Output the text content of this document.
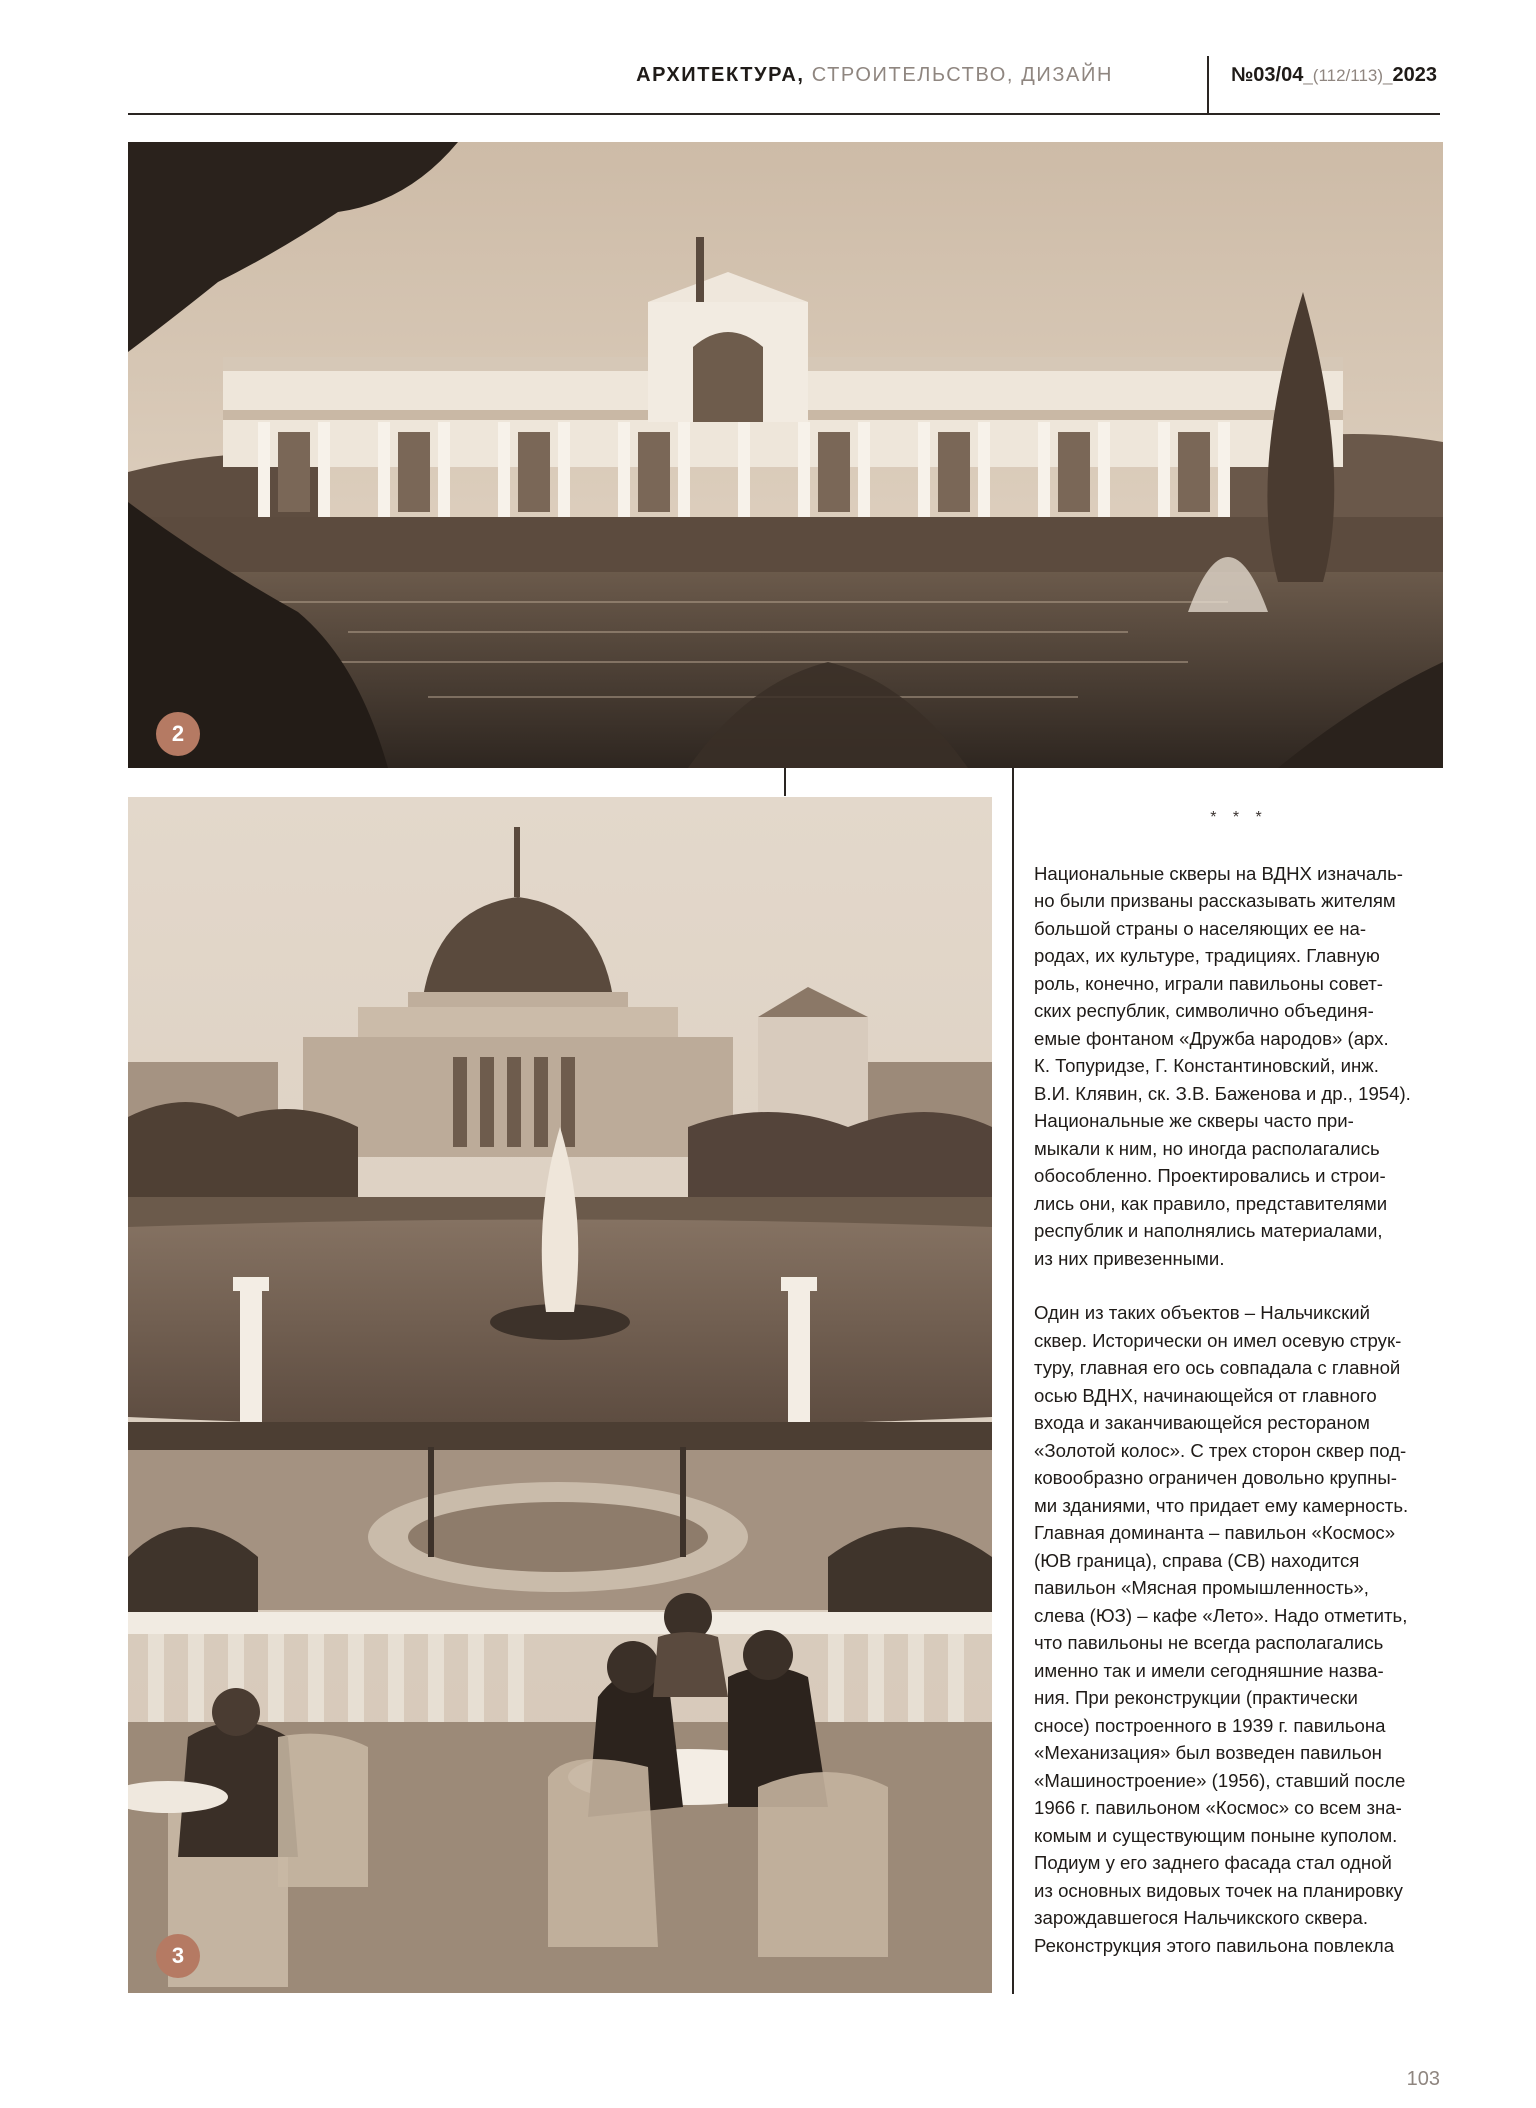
АРХИТЕКТУРА, СТРОИТЕЛЬСТВО, ДИЗАЙН	№03/04_(112/113)_2023
2
3
* * *

Национальные скверы на ВДНХ изначаль-
но были призваны рассказывать жителям
большой страны о населяющих ее на-
родах, их культуре, традициях. Главную
роль, конечно, играли павильоны совет-
ских республик, символично объединя-
емые фонтаном «Дружба народов» (арх.
К. Топуридзе, Г. Константиновский, инж.
В.И. Клявин, ск. З.В. Баженова и др., 1954).
Национальные же скверы часто при-
мыкали к ним, но иногда располагались
обособленно. Проектировались и строи-
лись они, как правило, представителями
республик и наполнялись материалами,
из них привезенными.

Один из таких объектов – Нальчикский
сквер. Исторически он имел осевую струк-
туру, главная его ось совпадала с главной
осью ВДНХ, начинающейся от главного
входа и заканчивающейся рестораном
«Золотой колос». С трех сторон сквер под-
ковообразно ограничен довольно крупны-
ми зданиями, что придает ему камерность.
Главная доминанта – павильон «Космос»
(ЮВ граница), справа (СВ) находится
павильон «Мясная промышленность»,
слева (ЮЗ) – кафе «Лето». Надо отметить,
что павильоны не всегда располагались
именно так и имели сегодняшние назва-
ния. При реконструкции (практически
сносе) построенного в 1939 г. павильона
«Механизация» был возведен павильон
«Машиностроение» (1956), ставший после
1966 г. павильоном «Космос» со всем зна-
комым и существующим поныне куполом.
Подиум у его заднего фасада стал одной
из основных видовых точек на планировку
зарождавшегося Нальчикского сквера.
Реконструкция этого павильона повлекла

103
